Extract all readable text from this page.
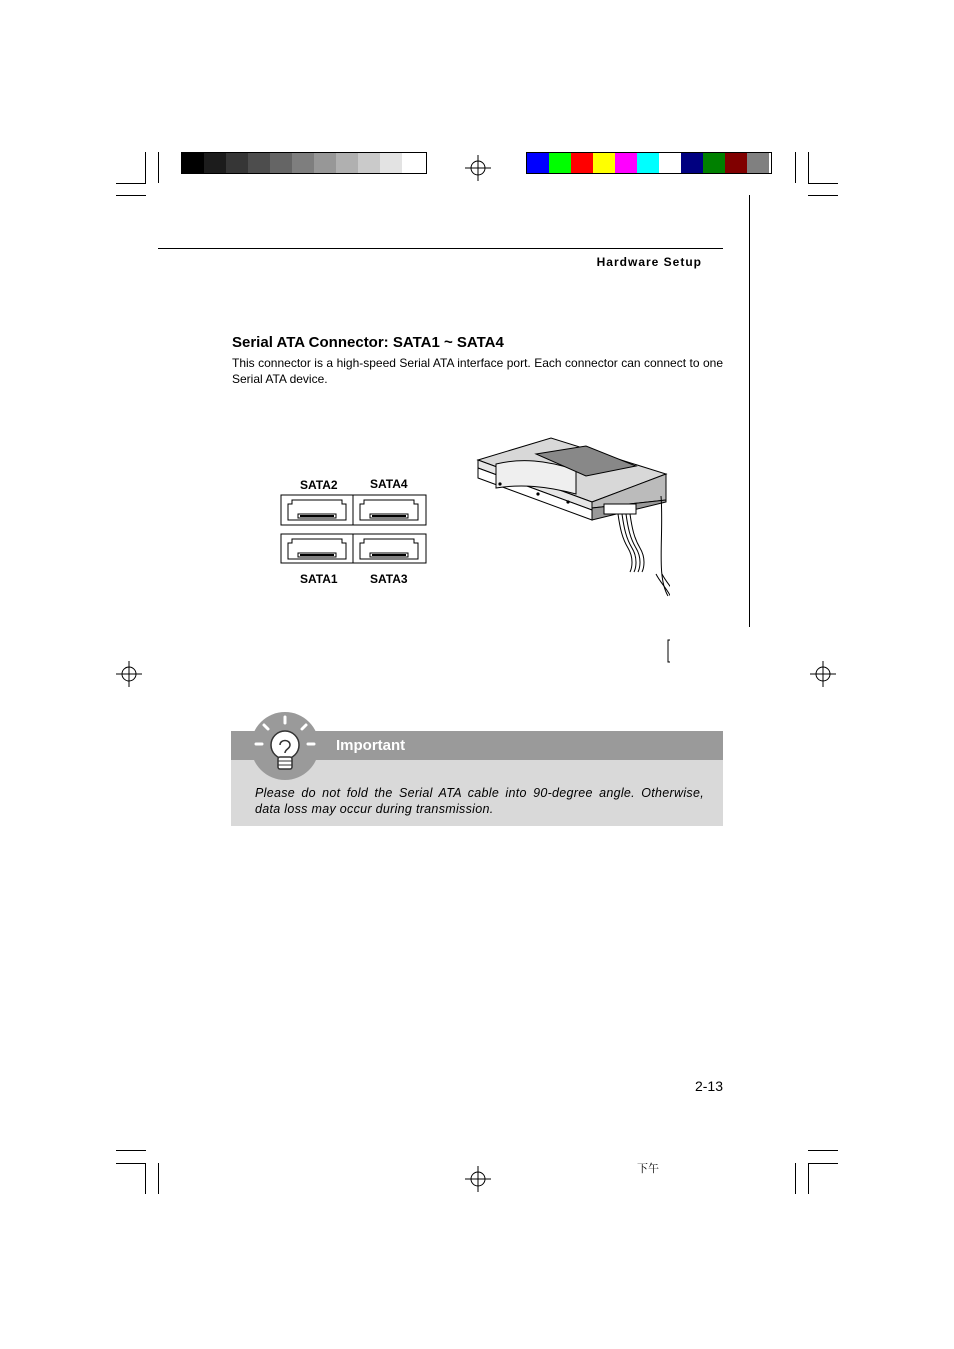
Hardware Setup
Serial ATA Connector: SATA1 ~ SATA4
This connector is a high-speed Serial ATA interface port. Each connector can connect to one Serial ATA device.
SATA2	SATA4
SATA1	SATA3
Important
Please do not fold the Serial ATA cable into 90-degree angle. Otherwise, data loss may occur during transmission.
2-13
下午
